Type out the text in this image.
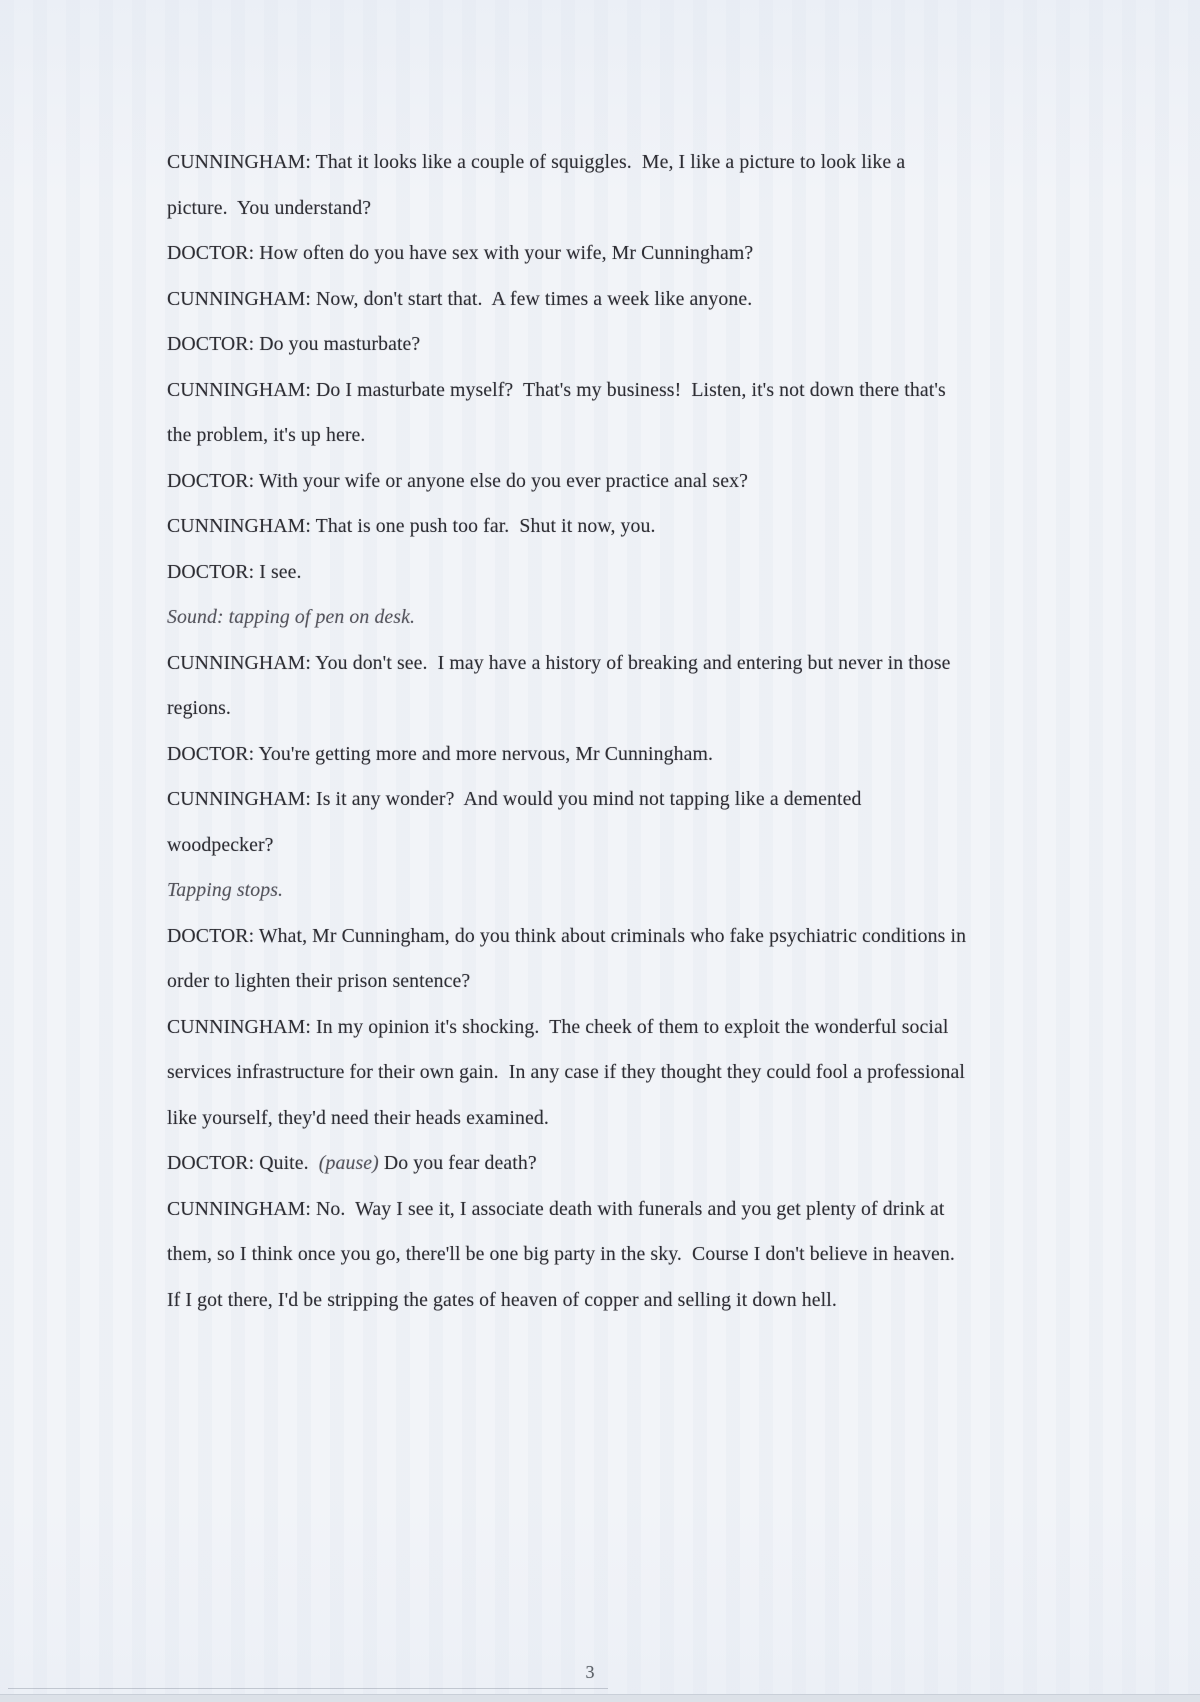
CUNNINGHAM: That it looks like a couple of squiggles.  Me, I like a picture to look like a picture.  You understand?

DOCTOR: How often do you have sex with your wife, Mr Cunningham?

CUNNINGHAM: Now, don't start that.  A few times a week like anyone.

DOCTOR: Do you masturbate?

CUNNINGHAM: Do I masturbate myself?  That's my business!  Listen, it's not down there that's the problem, it's up here.

DOCTOR: With your wife or anyone else do you ever practice anal sex?

CUNNINGHAM: That is one push too far.  Shut it now, you.

DOCTOR: I see.

Sound: tapping of pen on desk.

CUNNINGHAM: You don't see.  I may have a history of breaking and entering but never in those regions.

DOCTOR: You're getting more and more nervous, Mr Cunningham.

CUNNINGHAM: Is it any wonder?  And would you mind not tapping like a demented woodpecker?

Tapping stops.

DOCTOR: What, Mr Cunningham, do you think about criminals who fake psychiatric conditions in order to lighten their prison sentence?

CUNNINGHAM: In my opinion it's shocking.  The cheek of them to exploit the wonderful social services infrastructure for their own gain.  In any case if they thought they could fool a professional like yourself, they'd need their heads examined.

DOCTOR: Quite.  (pause) Do you fear death?

CUNNINGHAM: No.  Way I see it, I associate death with funerals and you get plenty of drink at them, so I think once you go, there'll be one big party in the sky.  Course I don't believe in heaven.  If I got there, I'd be stripping the gates of heaven of copper and selling it down hell.

3
